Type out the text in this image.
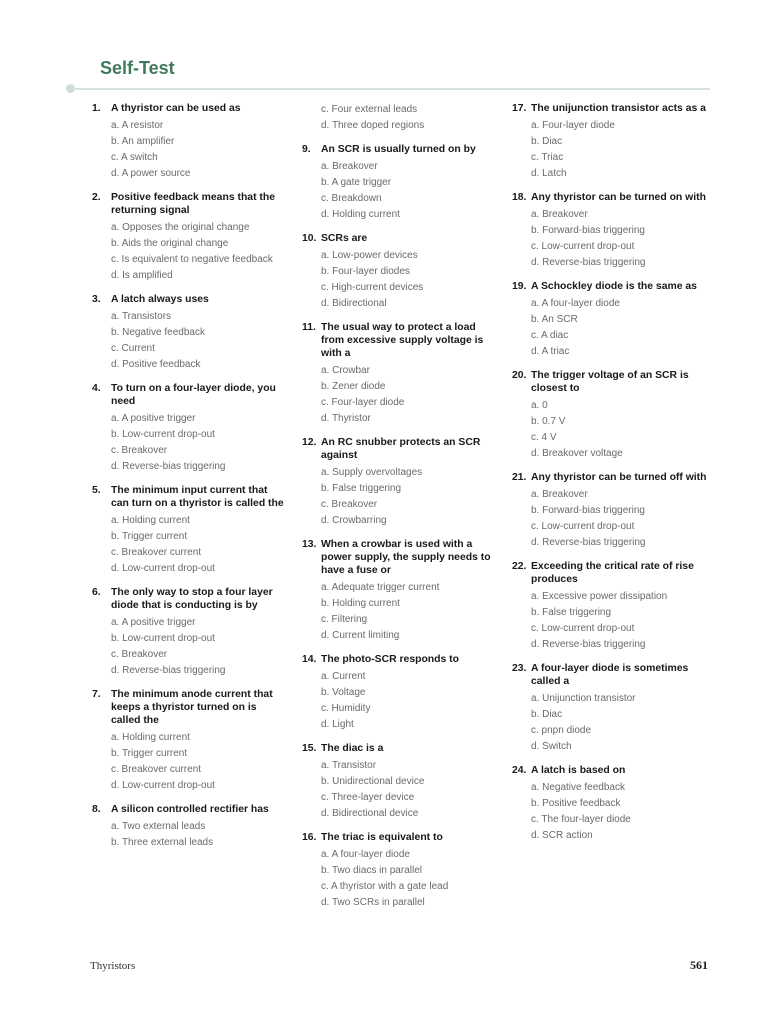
Self-Test
1. A thyristor can be used as
a. A resistor
b. An amplifier
c. A switch
d. A power source
2. Positive feedback means that the returning signal
a. Opposes the original change
b. Aids the original change
c. Is equivalent to negative feedback
d. Is amplified
3. A latch always uses
a. Transistors
b. Negative feedback
c. Current
d. Positive feedback
4. To turn on a four-layer diode, you need
a. A positive trigger
b. Low-current drop-out
c. Breakover
d. Reverse-bias triggering
5. The minimum input current that can turn on a thyristor is called the
a. Holding current
b. Trigger current
c. Breakover current
d. Low-current drop-out
6. The only way to stop a four layer diode that is conducting is by
a. A positive trigger
b. Low-current drop-out
c. Breakover
d. Reverse-bias triggering
7. The minimum anode current that keeps a thyristor turned on is called the
a. Holding current
b. Trigger current
c. Breakover current
d. Low-current drop-out
8. A silicon controlled rectifier has
a. Two external leads
b. Three external leads
c. Four external leads
d. Three doped regions
9. An SCR is usually turned on by
a. Breakover
b. A gate trigger
c. Breakdown
d. Holding current
10. SCRs are
a. Low-power devices
b. Four-layer diodes
c. High-current devices
d. Bidirectional
11. The usual way to protect a load from excessive supply voltage is with a
a. Crowbar
b. Zener diode
c. Four-layer diode
d. Thyristor
12. An RC snubber protects an SCR against
a. Supply overvoltages
b. False triggering
c. Breakover
d. Crowbarring
13. When a crowbar is used with a power supply, the supply needs to have a fuse or
a. Adequate trigger current
b. Holding current
c. Filtering
d. Current limiting
14. The photo-SCR responds to
a. Current
b. Voltage
c. Humidity
d. Light
15. The diac is a
a. Transistor
b. Unidirectional device
c. Three-layer device
d. Bidirectional device
16. The triac is equivalent to
a. A four-layer diode
b. Two diacs in parallel
c. A thyristor with a gate lead
d. Two SCRs in parallel
17. The unijunction transistor acts as a
a. Four-layer diode
b. Diac
c. Triac
d. Latch
18. Any thyristor can be turned on with
a. Breakover
b. Forward-bias triggering
c. Low-current drop-out
d. Reverse-bias triggering
19. A Schockley diode is the same as
a. A four-layer diode
b. An SCR
c. A diac
d. A triac
20. The trigger voltage of an SCR is closest to
a. 0
b. 0.7 V
c. 4 V
d. Breakover voltage
21. Any thyristor can be turned off with
a. Breakover
b. Forward-bias triggering
c. Low-current drop-out
d. Reverse-bias triggering
22. Exceeding the critical rate of rise produces
a. Excessive power dissipation
b. False triggering
c. Low-current drop-out
d. Reverse-bias triggering
23. A four-layer diode is sometimes called a
a. Unijunction transistor
b. Diac
c. pnpn diode
d. Switch
24. A latch is based on
a. Negative feedback
b. Positive feedback
c. The four-layer diode
d. SCR action
Thyristors	561
